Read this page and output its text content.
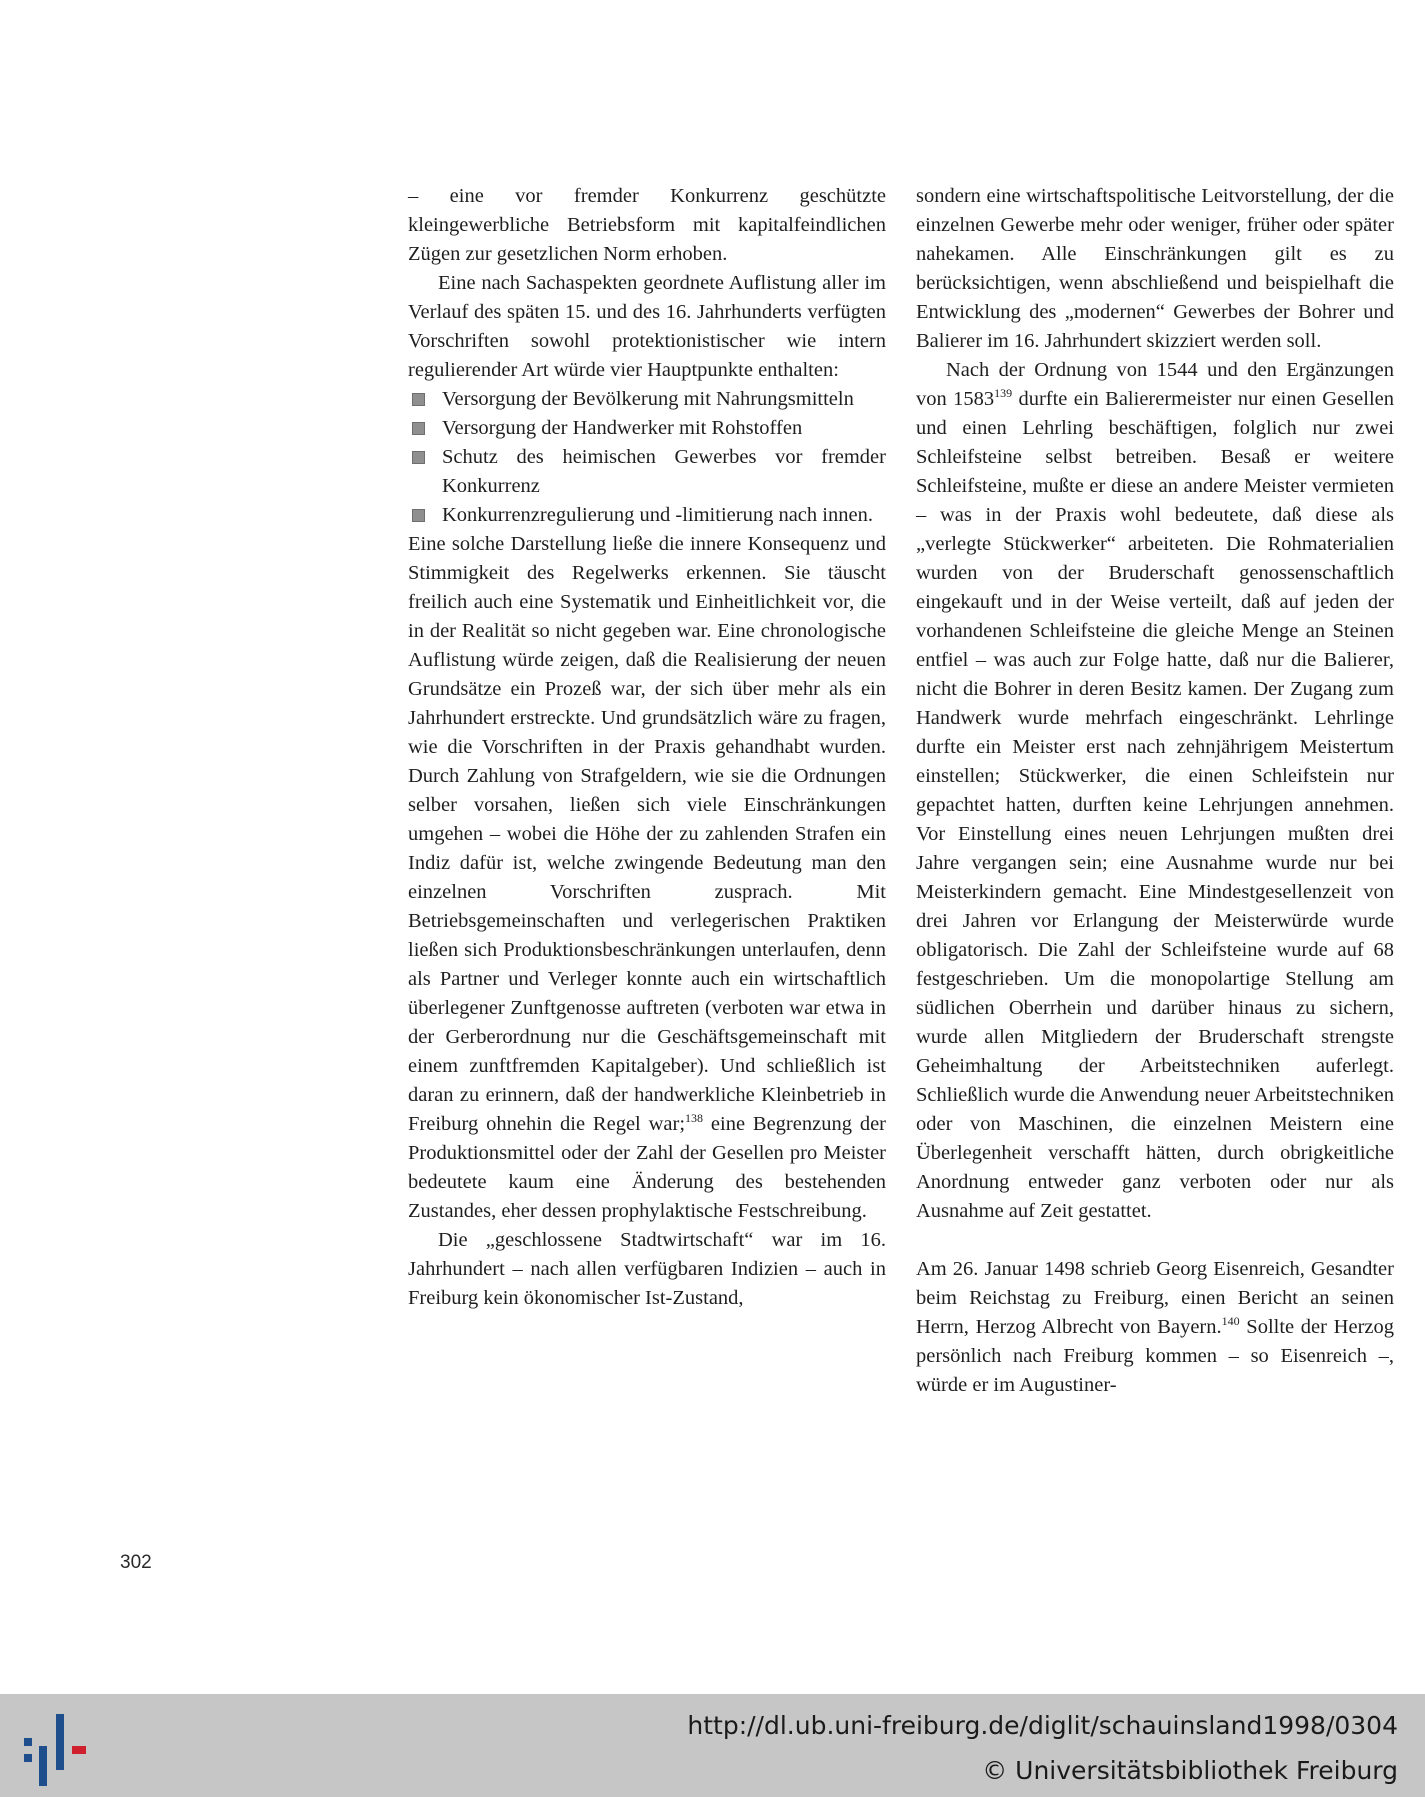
– eine vor fremder Konkurrenz geschützte kleingewerbliche Betriebsform mit kapitalfeindlichen Zügen zur gesetzlichen Norm erhoben.

Eine nach Sachaspekten geordnete Auflistung aller im Verlauf des späten 15. und des 16. Jahrhunderts verfügten Vorschriften sowohl protektionistischer wie intern regulierender Art würde vier Hauptpunkte enthalten:

Versorgung der Bevölkerung mit Nahrungsmitteln
Versorgung der Handwerker mit Rohstoffen
Schutz des heimischen Gewerbes vor fremder Konkurrenz
Konkurrenzregulierung und -limitierung nach innen.

Eine solche Darstellung ließe die innere Konsequenz und Stimmigkeit des Regelwerks erkennen. Sie täuscht freilich auch eine Systematik und Einheitlichkeit vor, die in der Realität so nicht gegeben war. Eine chronologische Auflistung würde zeigen, daß die Realisierung der neuen Grundsätze ein Prozeß war, der sich über mehr als ein Jahrhundert erstreckte. Und grundsätzlich wäre zu fragen, wie die Vorschriften in der Praxis gehandhabt wurden. Durch Zahlung von Strafgeldern, wie sie die Ordnungen selber vorsahen, ließen sich viele Einschränkungen umgehen – wobei die Höhe der zu zahlenden Strafen ein Indiz dafür ist, welche zwingende Bedeutung man den einzelnen Vorschriften zusprach. Mit Betriebsgemeinschaften und verlegerischen Praktiken ließen sich Produktionsbeschränkungen unterlaufen, denn als Partner und Verleger konnte auch ein wirtschaftlich überlegener Zunftgenosse auftreten (verboten war etwa in der Gerberordnung nur die Geschäftsgemeinschaft mit einem zunftfremden Kapitalgeber). Und schließlich ist daran zu erinnern, daß der handwerkliche Kleinbetrieb in Freiburg ohnehin die Regel war;$^{138}$ eine Begrenzung der Produktionsmittel oder der Zahl der Gesellen pro Meister bedeutete kaum eine Änderung des bestehenden Zustandes, eher dessen prophylaktische Festschreibung.

Die „geschlossene Stadtwirtschaft“ war im 16. Jahrhundert – nach allen verfügbaren Indizien – auch in Freiburg kein ökonomischer Ist-Zustand,

sondern eine wirtschaftspolitische Leitvorstellung, der die einzelnen Gewerbe mehr oder weniger, früher oder später nahekamen. Alle Einschränkungen gilt es zu berücksichtigen, wenn abschließend und beispielhaft die Entwicklung des „modernen“ Gewerbes der Bohrer und Balierer im 16. Jahrhundert skizziert werden soll.

Nach der Ordnung von 1544 und den Ergänzungen von 1583$^{139}$ durfte ein Balierermeister nur einen Gesellen und einen Lehrling beschäftigen, folglich nur zwei Schleifsteine selbst betreiben. Besaß er weitere Schleifsteine, mußte er diese an andere Meister vermieten – was in der Praxis wohl bedeutete, daß diese als „verlegte Stückwerker“ arbeiteten. Die Rohmaterialien wurden von der Bruderschaft genossenschaftlich eingekauft und in der Weise verteilt, daß auf jeden der vorhandenen Schleifsteine die gleiche Menge an Steinen entfiel – was auch zur Folge hatte, daß nur die Balierer, nicht die Bohrer in deren Besitz kamen. Der Zugang zum Handwerk wurde mehrfach eingeschränkt. Lehrlinge durfte ein Meister erst nach zehnjährigem Meistertum einstellen; Stückwerker, die einen Schleifstein nur gepachtet hatten, durften keine Lehrjungen annehmen. Vor Einstellung eines neuen Lehrjungen mußten drei Jahre vergangen sein; eine Ausnahme wurde nur bei Meisterkindern gemacht. Eine Mindestgesellenzeit von drei Jahren vor Erlangung der Meisterwürde wurde obligatorisch. Die Zahl der Schleifsteine wurde auf 68 festgeschrieben. Um die monopolartige Stellung am südlichen Oberrhein und darüber hinaus zu sichern, wurde allen Mitgliedern der Bruderschaft strengste Geheimhaltung der Arbeitstechniken auferlegt. Schließlich wurde die Anwendung neuer Arbeitstechniken oder von Maschinen, die einzelnen Meistern eine Überlegenheit verschafft hätten, durch obrigkeitliche Anordnung entweder ganz verboten oder nur als Ausnahme auf Zeit gestattet.

Am 26. Januar 1498 schrieb Georg Eisenreich, Gesandter beim Reichstag zu Freiburg, einen Bericht an seinen Herrn, Herzog Albrecht von Bayern.$^{140}$ Sollte der Herzog persönlich nach Freiburg kommen – so Eisenreich –, würde er im Augustiner-

302
http://dl.ub.uni-freiburg.de/diglit/schauinsland1998/0304
© Universitätsbibliothek Freiburg
